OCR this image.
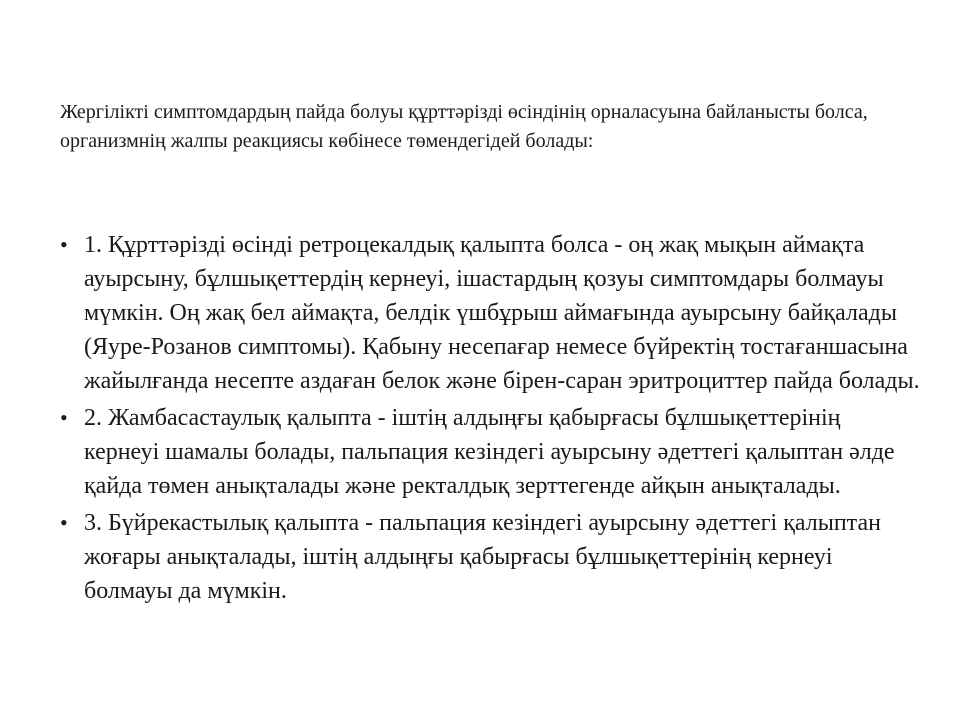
Жергілікті симптомдардың пайда болуы құрттәрізді өсіндінің орналасуына байланысты болса, организмнің жалпы реакциясы көбінесе төмендегідей болады:

• 1. Құрттәрізді өсінді ретроцекалдық қалыпта болса - оң жақ мықын аймақта ауырсыну, бұлшықеттердің кернеуі, ішастардың қозуы симптомдары болмауы мүмкін. Оң жақ бел аймақта, белдік үшбұрыш аймағында ауырсыну байқалады (Яуре-Розанов симптомы). Қабыну несепағар немесе бүйректің тостағаншасына жайылғанда несепте аздаған белок және бірен-саран эритроциттер пайда болады.
• 2. Жамбасастаулық қалыпта - іштің алдыңғы қабырғасы бұлшықеттерінің кернеуі шамалы болады, пальпация кезіндегі ауырсыну әдеттегі қалыптан әлде қайда төмен анықталады және ректалдық зерттегенде айқын анықталады.
• 3. Бүйрекастылық қалыпта - пальпация кезіндегі ауырсыну әдеттегі қалыптан жоғары анықталады, іштің алдыңғы қабырғасы бұлшықеттерінің кернеуі болмауы да мүмкін.
